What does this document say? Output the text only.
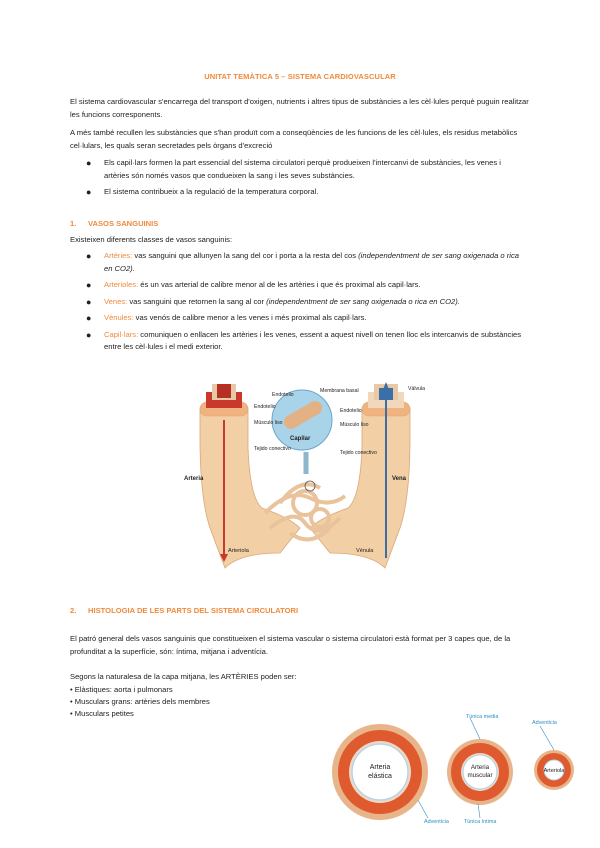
UNITAT TEMÀTICA 5 – SISTEMA CARDIOVASCULAR
El sistema cardiovascular s'encarrega del transport d'oxigen, nutrients i altres tipus de substàncies a les cèl·lules perquè puguin realitzar les funcions corresponents.
A més també recullen les substàncies que s'han produït com a conseqüències de les funcions de les cèl·lules, els residus metabòlics cel·lulars, les quals seran secretades pels òrgans d'excreció
● Els capil·lars formen la part essencial del sistema circulatori perquè produeixen l'intercanvi de substàncies, les venes i artèries són només vasos que condueixen la sang i les seves substàncies.
● El sistema contribueix a la regulació de la temperatura corporal.
1. VASOS SANGUINIS
Existeixen diferents classes de vasos sanguinis:
● Artèries: vas sanguini que allunyen la sang del cor i porta a la resta del cos (independentment de ser sang oxigenada o rica en CO2).
● Arterioles: és un vas arterial de calibre menor al de les artèries i que és proximal als capil·lars.
● Venes: vas sanguini que retornen la sang al cor (independentment de ser sang oxigenada o rica en CO2).
● Vènules: vas venós de calibre menor a les venes i més proximal als capil·lars.
● Capil·lars: comuniquen o enllacen les artèries i les venes, essent a aquest nivell on tenen lloc els intercanvis de substàncies entre les cèl·lules i el medi exterior.
Endotelio
Músculo liso
Tejido conectivo
Arteria
Arteriola
Endotelio
Membrana basal
Capilar
Válvula
Endotelio
Músculo liso
Tejido conectivo
Vena
Vénula
2. HISTOLOGIA DE LES PARTS DEL SISTEMA CIRCULATORI
El patró general dels vasos sanguinis que constitueixen el sistema vascular o sistema circulatori està format per 3 capes que, de la profunditat a la superfície, són: íntima, mitjana i adventícia.
Segons la naturalesa de la capa mitjana, les ARTÈRIES poden ser:
• Elàstiques: aorta i pulmonars
• Musculars grans: artèries dels membres
• Musculars petites	Túnica media
Adventicia
Arteria
elástica
Arteria
muscular
Arteriola
Adventicia	Túnica íntima
